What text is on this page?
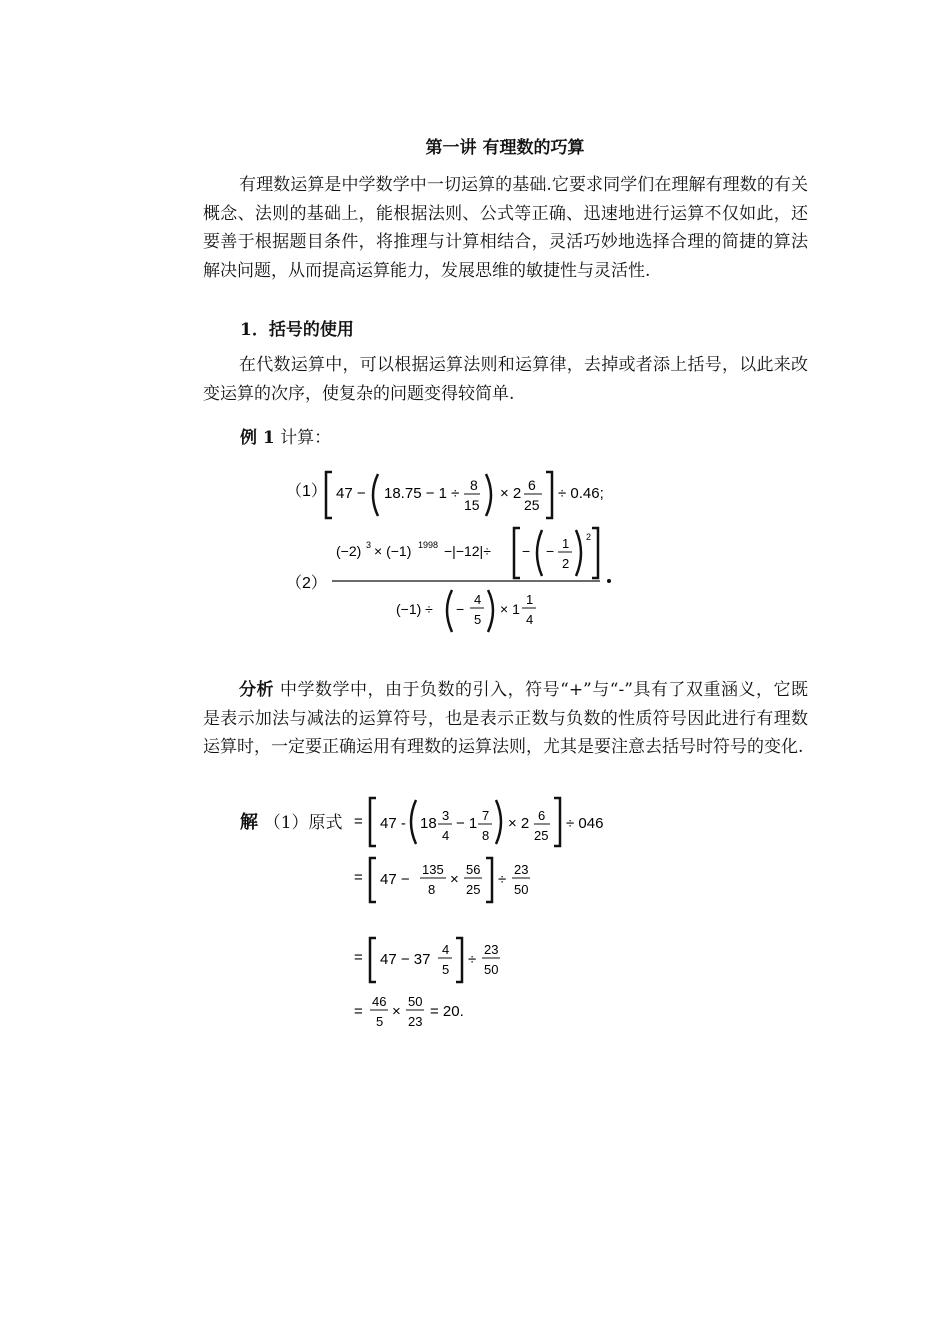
第一讲 有理数的巧算
有理数运算是中学数学中一切运算的基础.它要求同学们在理解有理数的有关概念、法则的基础上，能根据法则、公式等正确、迅速地进行运算不仅如此，还要善于根据题目条件，将推理与计算相结合，灵活巧妙地选择合理的简捷的算法解决问题，从而提高运算能力，发展思维的敏捷性与灵活性.
1．括号的使用
在代数运算中，可以根据运算法则和运算律，去掉或者添上括号，以此来改变运算的次序，使复杂的问题变得较简单.
例 1 计算：
（1） 47 − 18.75 − 1 ÷ 8
15
× 2 6
25
÷ 0.46;
（2）
(−2) 3 × (−1) 1998 −|−12|÷ − − 1
2
2
(−1) ÷ −
4
5
× 1
1
4
分析 中学数学中，由于负数的引入，符号“+”与“-”具有了双重涵义，它既是表示加法与减法的运算符号，也是表示正数与负数的性质符号因此进行有理数运算时，一定要正确运用有理数的运算法则，尤其是要注意去括号时符号的变化.
解 （1）原式 = 47 - 18 3
4
− 1 7
8
× 2 6
25
÷ 046
= 47 −
135
8
×
56
25
÷
23
50
= 47 − 37
4
5
÷
23
50
=
46
5
×
50
23
= 20.
